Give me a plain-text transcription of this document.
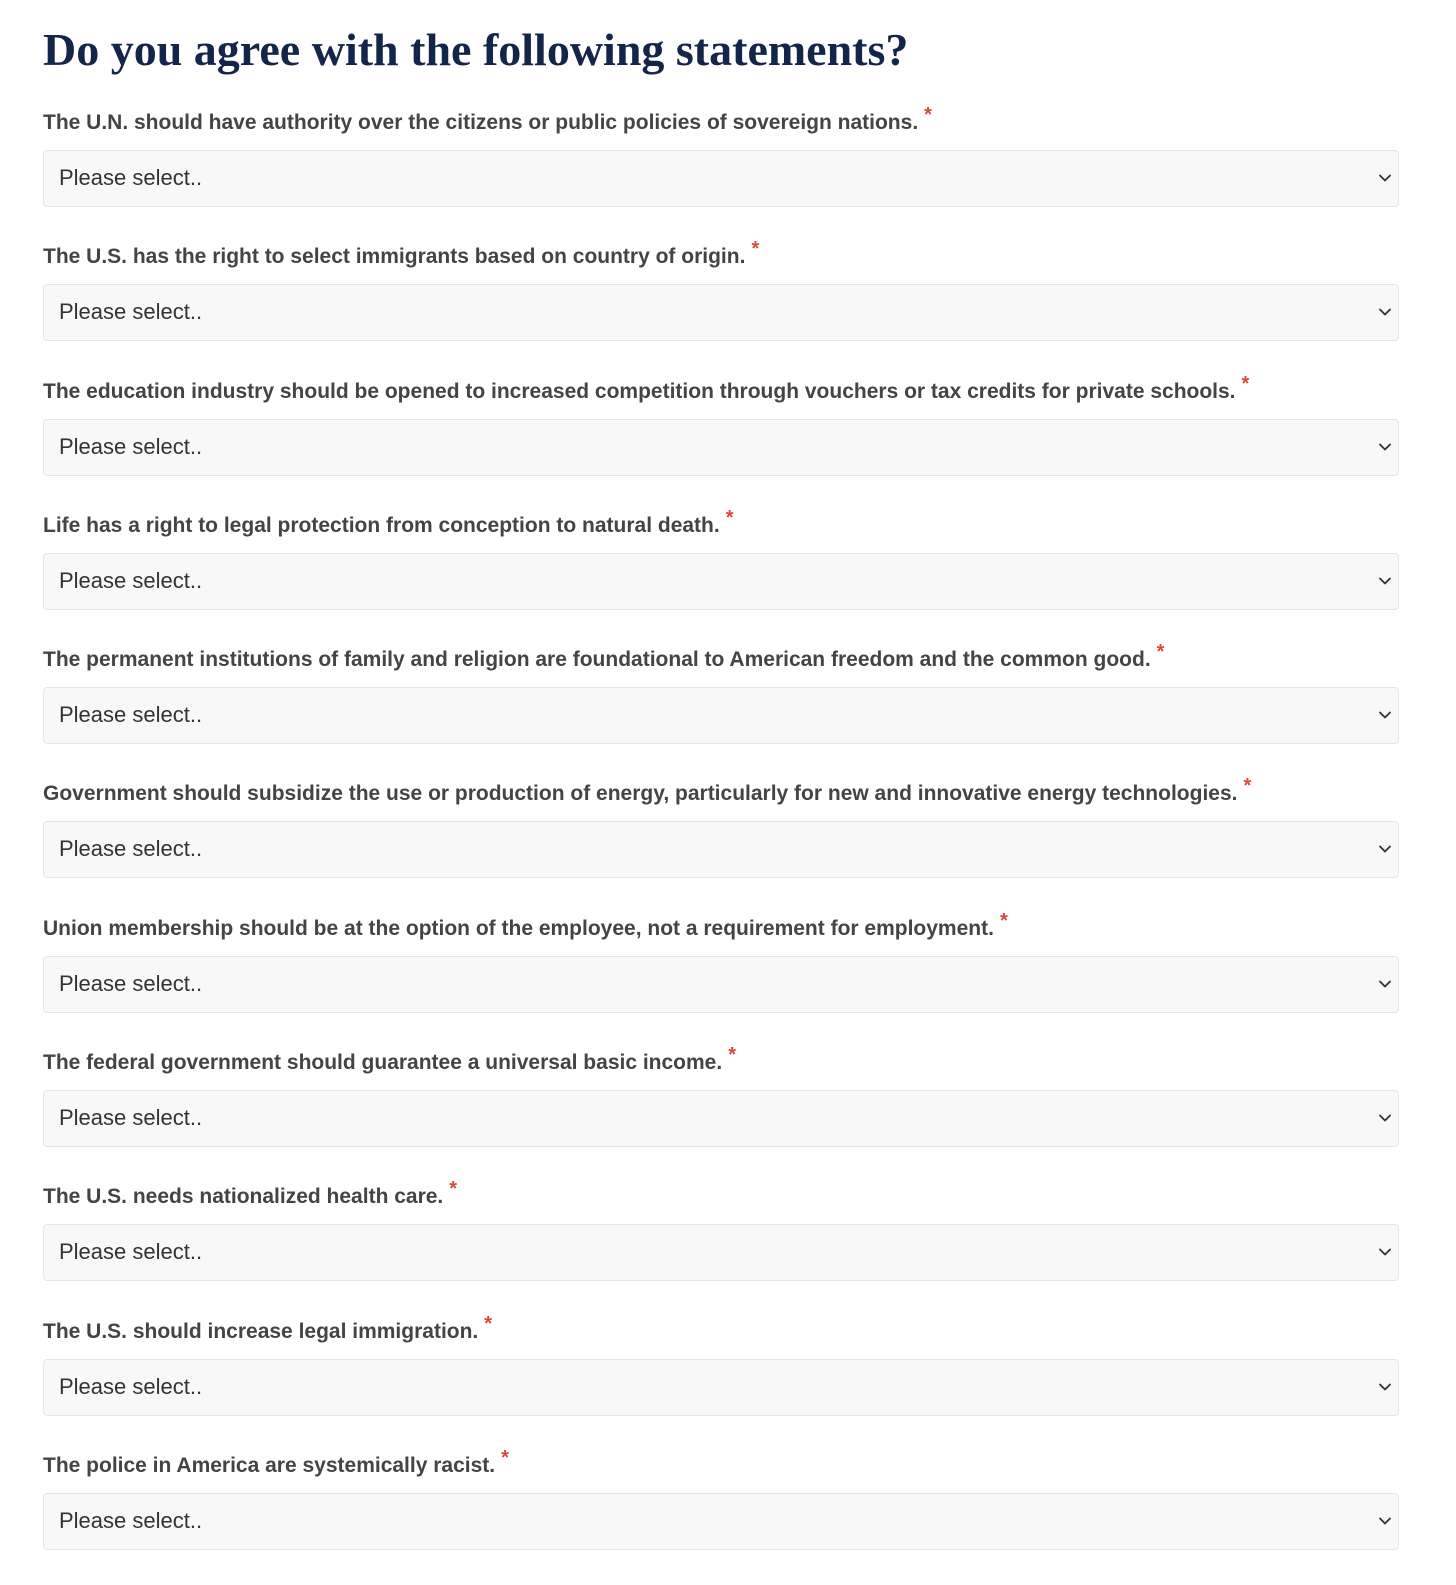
Do you agree with the following statements?
The U.N. should have authority over the citizens or public policies of sovereign nations. *
Please select..
The U.S. has the right to select immigrants based on country of origin. *
Please select..
The education industry should be opened to increased competition through vouchers or tax credits for private schools. *
Please select..
Life has a right to legal protection from conception to natural death. *
Please select..
The permanent institutions of family and religion are foundational to American freedom and the common good. *
Please select..
Government should subsidize the use or production of energy, particularly for new and innovative energy technologies. *
Please select..
Union membership should be at the option of the employee, not a requirement for employment. *
Please select..
The federal government should guarantee a universal basic income. *
Please select..
The U.S. needs nationalized health care. *
Please select..
The U.S. should increase legal immigration. *
Please select..
The police in America are systemically racist. *
Please select..
